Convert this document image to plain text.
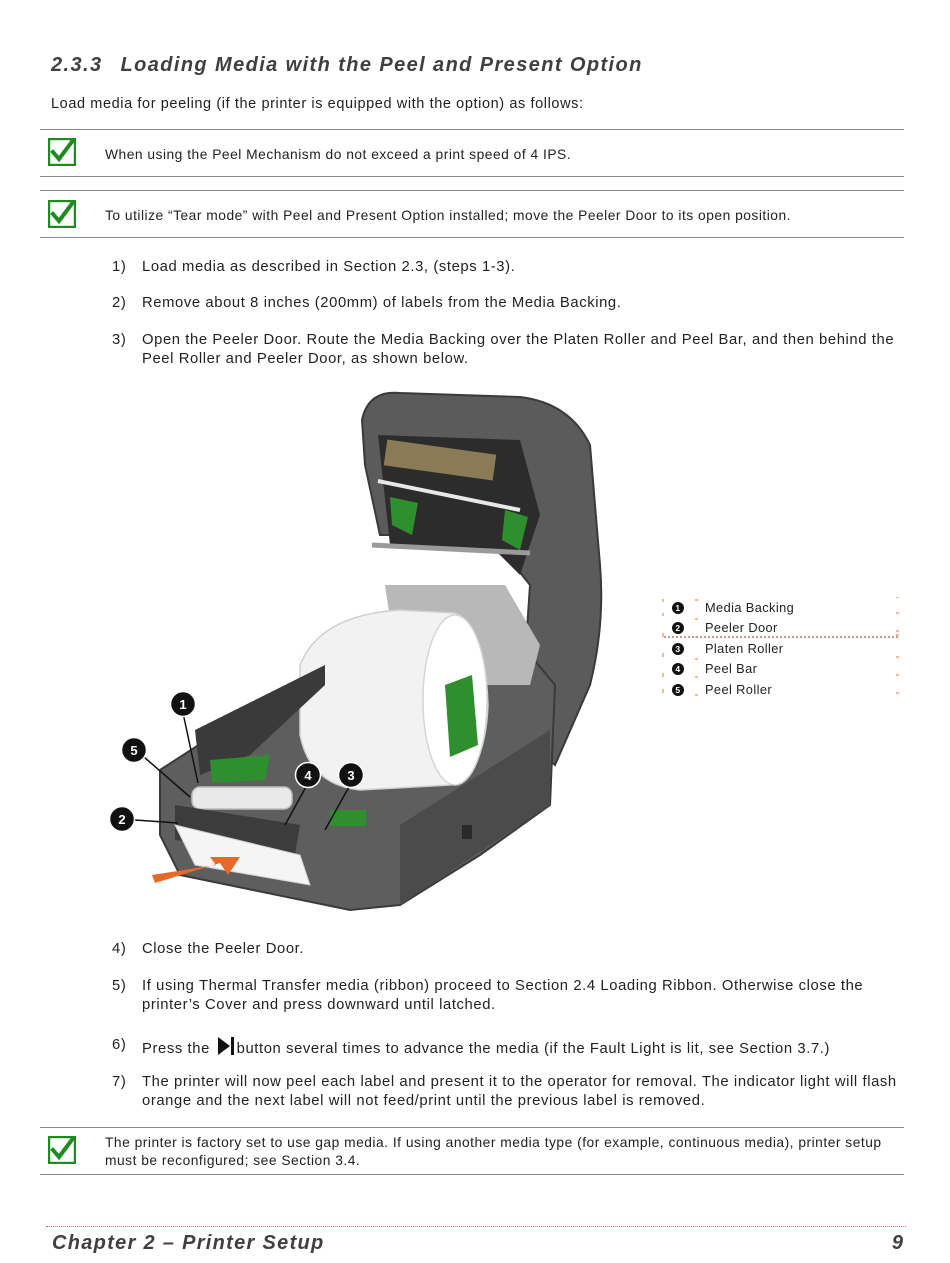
2.3.3 Loading Media with the Peel and Present Option
Load media for peeling (if the printer is equipped with the option) as follows:
When using the Peel Mechanism do not exceed a print speed of 4 IPS.
To utilize “Tear mode” with Peel and Present Option installed; move the Peeler Door to its open position.
1) Load media as described in Section 2.3, (steps 1-3).
2) Remove about 8 inches (200mm) of labels from the Media Backing.
3) Open the Peeler Door. Route the Media Backing over the Platen Roller and Peel Bar, and then behind the Peel Roller and Peeler Door, as shown below.
1
5
4	3
2
1 Media Backing
2 Peeler Door
3 Platen Roller
4 Peel Bar
5 Peel Roller
4) Close the Peeler Door.
5) If using Thermal Transfer media (ribbon) proceed to Section 2.4 Loading Ribbon. Otherwise close the printer’s Cover and press downward until latched.
6) Press the button several times to advance the media (if the Fault Light is lit, see Section 3.7.)
7) The printer will now peel each label and present it to the operator for removal. The indicator light will flash orange and the next label will not feed/print until the previous label is removed.
The printer is factory set to use gap media. If using another media type (for example, continuous media), printer setup must be reconfigured; see Section 3.4.
Chapter 2 – Printer Setup	9
